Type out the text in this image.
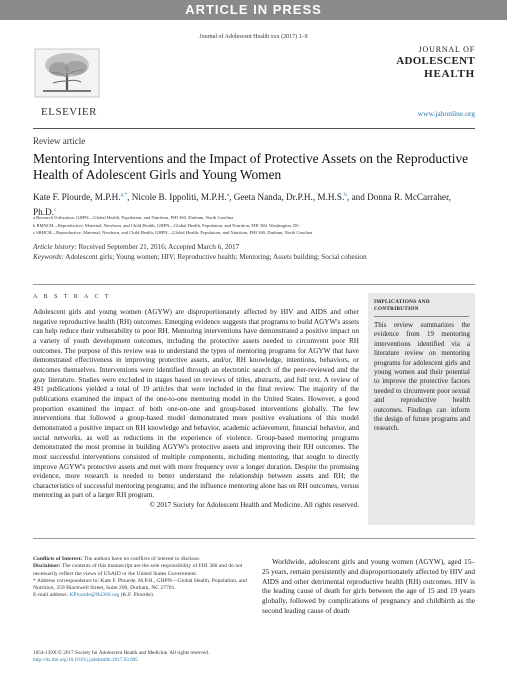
ARTICLE IN PRESS
Journal of Adolescent Health xxx (2017) 1–9
ELSEVIER
JOURNAL OF
ADOLESCENT
HEALTH
www.jahonline.org
Review article
Mentoring Interventions and the Impact of Protective Assets on the Reproductive Health of Adolescent Girls and Young Women
Kate F. Plourde, M.P.H.$^{a,*}$, Nicole B. Ippoliti, M.P.H.$^a$, Geeta Nanda, Dr.P.H., M.H.S.$^b$, and Donna R. McCarraher, Ph.D.$^c$
a Research Utilization, GHPN—Global Health, Population, and Nutrition, FHI 360, Durham, North Carolina
b RMNCH—Reproductive, Maternal, Newborn, and Child Health, GHPN—Global Health, Population, and Nutrition, FHI 360, Washington, DC
c SRHCH—Reproductive, Maternal, Newborn, and Child Health, GHPN—Global Health, Population, and Nutrition, FHI 360, Durham, North Carolina
Article history: Received September 21, 2016; Accepted March 6, 2017
Keywords: Adolescent girls; Young women; HIV; Reproductive health; Mentoring; Assets building; Social cohesion
A B S T R A C T
Adolescent girls and young women (AGYW) are disproportionately affected by HIV and AIDS and other negative reproductive health (RH) outcomes. Emerging evidence suggests that programs to build AGYW's assets can help reduce their vulnerability to poor RH. Mentoring interventions have demonstrated a positive impact on a variety of youth development outcomes, including the protective assets needed to circumvent poor RH outcomes. The purpose of this review was to understand the types of mentoring programs for AGYW that have demonstrated effectiveness in improving protective assets, and/or, RH knowledge, intentions, behaviors, or outcomes themselves. Interventions were identified through an electronic search of the peer-reviewed and the gray literature. Studies were excluded in stages based on reviews of titles, abstracts, and full text. A review of 491 publications yielded a total of 19 articles that were included in the final review. The majority of the publications examined the impact of the one-to-one mentoring model in the United States. However, a good proportion examined the impact of both one-on-one and group-based interventions globally. The few interventions that followed a group-based model demonstrated more positive evaluations of this model demonstrated a positive impact on RH knowledge and behavior, academic achievement, financial behavior, and social networks, as well as reductions in the experience of violence. Group-based mentoring programs demonstrated the most promise in building AGYW's protective assets and improving their RH outcomes. The most successful interventions consisted of multiple components, including mentoring, that sought to directly improve AGYW's protective assets and met with more frequency over a longer duration. Despite the promising evidence, more research is needed to better understand the relationship between assets and RH; the characteristics of successful mentoring programs; and the influence mentoring alone has on RH outcomes, versus mentoring as part of a larger RH program.
© 2017 Society for Adolescent Health and Medicine. All rights reserved.
IMPLICATIONS AND CONTRIBUTION
This review summarizes the evidence from 19 mentoring interventions identified via a literature review on mentoring programs for adolescent girls and young women and their potential to improve the protective factors needed to circumvent poor sexual and reproductive health outcomes. Findings can inform the design of future programs and research.
Conflicts of Interest: The authors have no conflicts of interest to disclose.
Disclaimer: The contents of this manuscript are the sole responsibility of FHI 360 and do not necessarily reflect the views of USAID or the United States Government.
* Address correspondence to: Kate F. Plourde, M.P.H., GHPN—Global Health, Population, and Nutrition, 359 Blackwell Street, Suite 200, Durham, NC 27701.
E-mail address: KPlourde@fhi360.org (K.F. Plourde).
Worldwide, adolescent girls and young women (AGYW), aged 15–25 years, remain persistently and disproportionately affected by HIV and AIDS and other detrimental reproductive health (RH) outcomes. HIV is the leading cause of death for girls between the age of 15 and 19 years globally, followed by complications of pregnancy and childbirth as the second leading cause of death
1054-139X/© 2017 Society for Adolescent Health and Medicine. All rights reserved.
http://dx.doi.org/10.1016/j.jadohealth.2017.03.005
